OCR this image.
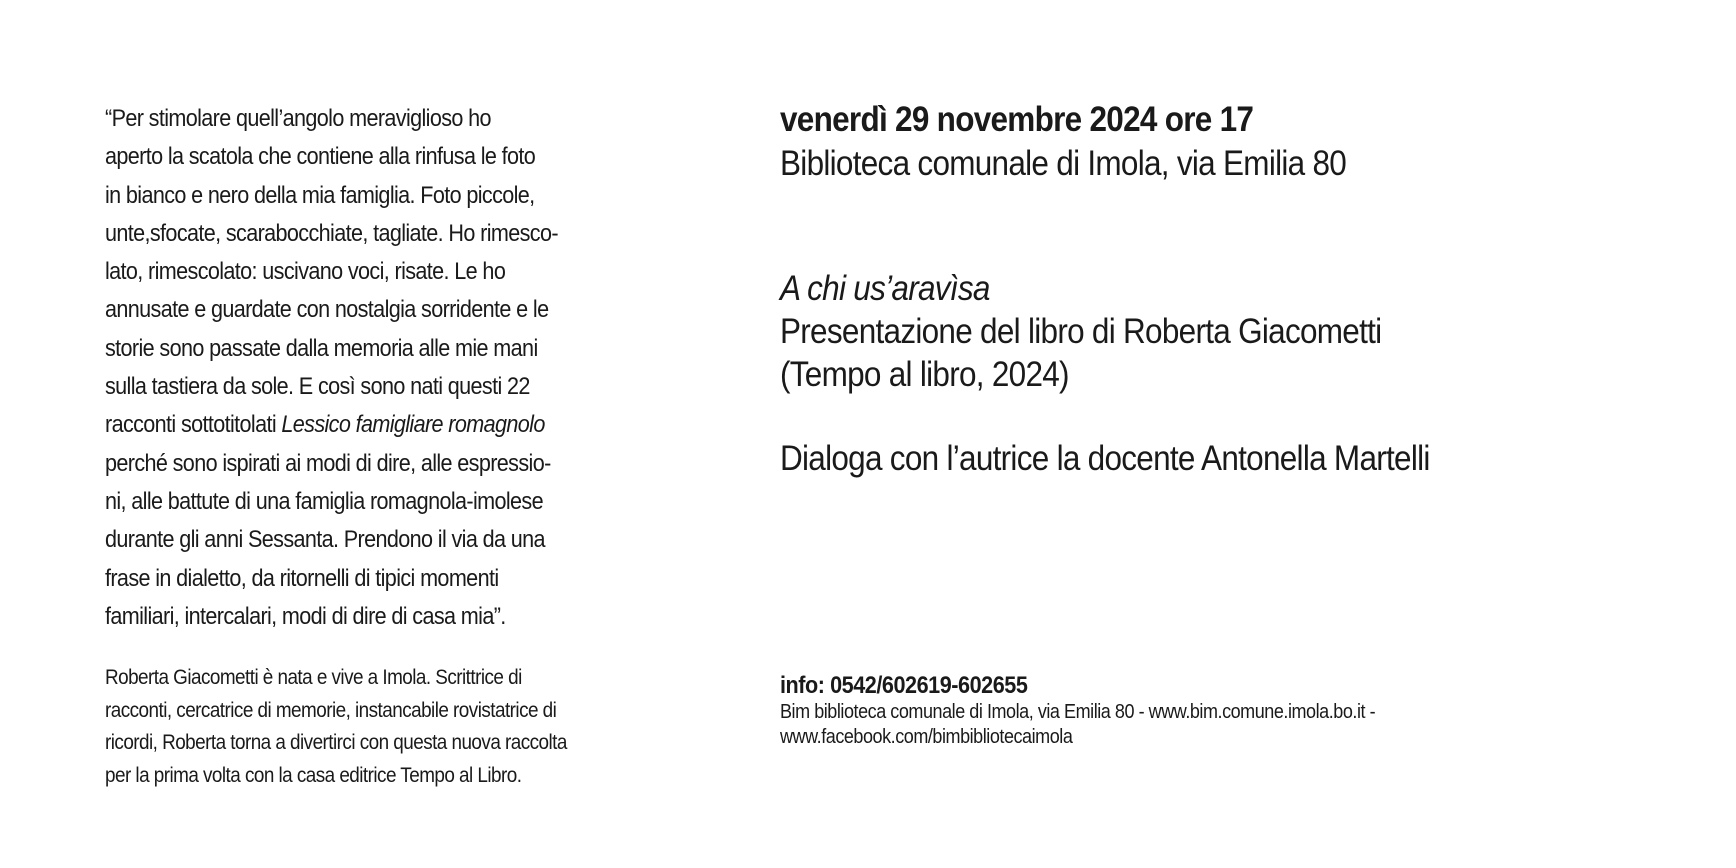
“Per stimolare quell’angolo meraviglioso ho
aperto la scatola che contiene alla rinfusa le foto
in bianco e nero della mia famiglia. Foto piccole,
unte,sfocate, scarabocchiate, tagliate. Ho rimesco-
lato, rimescolato: uscivano voci, risate. Le ho
annusate e guardate con nostalgia sorridente e le
storie sono passate dalla memoria alle mie mani
sulla tastiera da sole. E così sono nati questi 22
racconti sottotitolati Lessico famigliare romagnolo
perché sono ispirati ai modi di dire, alle espressio-
ni, alle battute di una famiglia romagnola-imolese
durante gli anni Sessanta. Prendono il via da una
frase in dialetto, da ritornelli di tipici momenti
familiari, intercalari, modi di dire di casa mia”.
Roberta Giacometti è nata e vive a Imola. Scrittrice di
racconti, cercatrice di memorie, instancabile rovistatrice di
ricordi, Roberta torna a divertirci con questa nuova raccolta
per la prima volta con la casa editrice Tempo al Libro.
venerdì 29 novembre 2024 ore 17
Biblioteca comunale di Imola, via Emilia 80
A chi us’aravìsa
Presentazione del libro di Roberta Giacometti
(Tempo al libro, 2024)
Dialoga con l’autrice la docente Antonella Martelli
info: 0542/602619-602655
Bim biblioteca comunale di Imola, via Emilia 80 - www.bim.comune.imola.bo.it -
www.facebook.com/bimbibliotecaimola
